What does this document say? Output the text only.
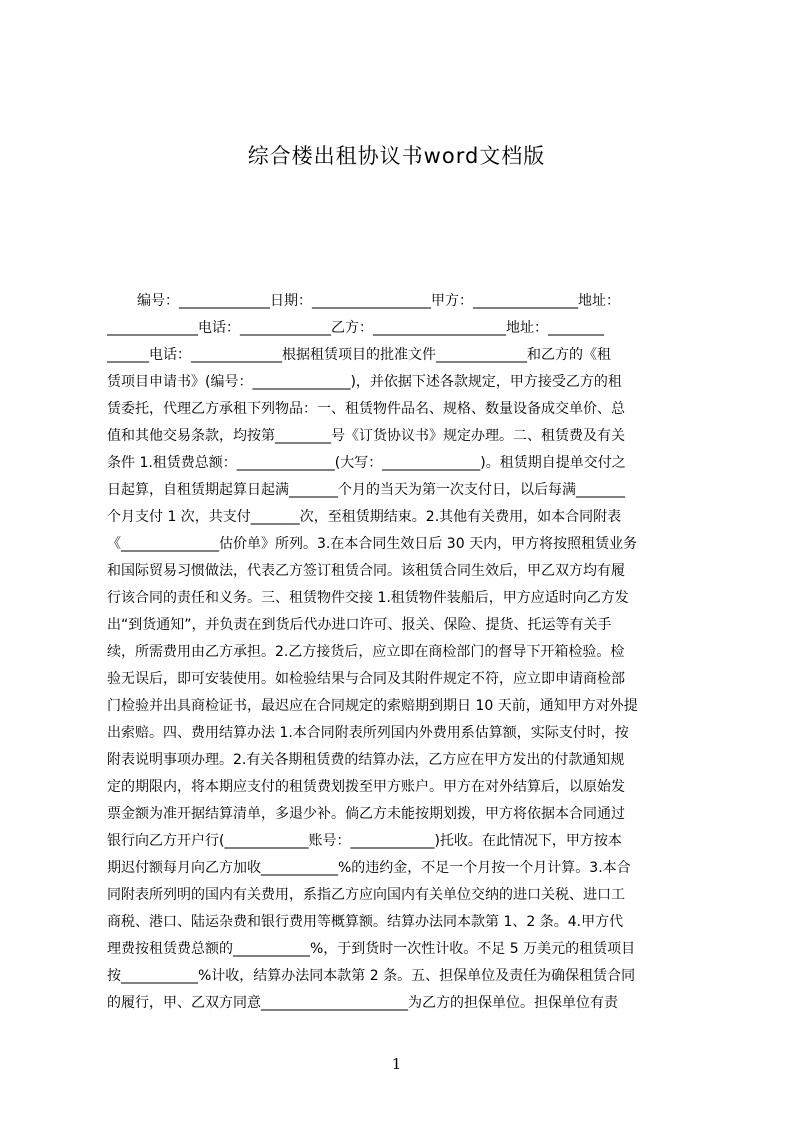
综合楼出租协议书word文档版
编号：_____________日期：_________________甲方：_______________地址：
_____________电话：_____________乙方：___________________地址：________
______电话：_____________根据租赁项目的批准文件_____________和乙方的《租
赁项目申请书》(编号：______________)，并依据下述各款规定，甲方接受乙方的租
赁委托，代理乙方承租下列物品：一、租赁物件品名、规格、数量设备成交单价、总
值和其他交易条款，均按第________号《订货协议书》规定办理。二、租赁费及有关
条件 1.租赁费总额：______________(大写：______________)。租赁期自提单交付之
日起算，自租赁期起算日起满_______个月的当天为第一次支付日，以后每满_______
个月支付 1 次，共支付_______次，至租赁期结束。2.其他有关费用，如本合同附表
《______________估价单》所列。3.在本合同生效日后 30 天内，甲方将按照租赁业务
和国际贸易习惯做法，代表乙方签订租赁合同。该租赁合同生效后，甲乙双方均有履
行该合同的责任和义务。三、租赁物件交接 1.租赁物件装船后，甲方应适时向乙方发
出“到货通知”，并负责在到货后代办进口许可、报关、保险、提货、托运等有关手
续，所需费用由乙方承担。2.乙方接货后，应立即在商检部门的督导下开箱检验。检
验无误后，即可安装使用。如检验结果与合同及其附件规定不符，应立即申请商检部
门检验并出具商检证书，最迟应在合同规定的索赔期到期日 10 天前，通知甲方对外提
出索赔。四、费用结算办法 1.本合同附表所列国内外费用系估算额，实际支付时，按
附表说明事项办理。2.有关各期租赁费的结算办法，乙方应在甲方发出的付款通知规
定的期限内，将本期应支付的租赁费划拨至甲方账户。甲方在对外结算后，以原始发
票金额为准开据结算清单，多退少补。倘乙方未能按期划拨，甲方将依据本合同通过
银行向乙方开户行(____________账号：____________)托收。在此情况下，甲方按本
期迟付额每月向乙方加收___________%的违约金，不足一个月按一个月计算。3.本合
同附表所列明的国内有关费用，系指乙方应向国内有关单位交纳的进口关税、进口工
商税、港口、陆运杂费和银行费用等概算额。结算办法同本款第 1、2 条。4.甲方代
理费按租赁费总额的___________%，于到货时一次性计收。不足 5 万美元的租赁项目
按___________%计收，结算办法同本款第 2 条。五、担保单位及责任为确保租赁合同
的履行，甲、乙双方同意_____________________为乙方的担保单位。担保单位有责
1
